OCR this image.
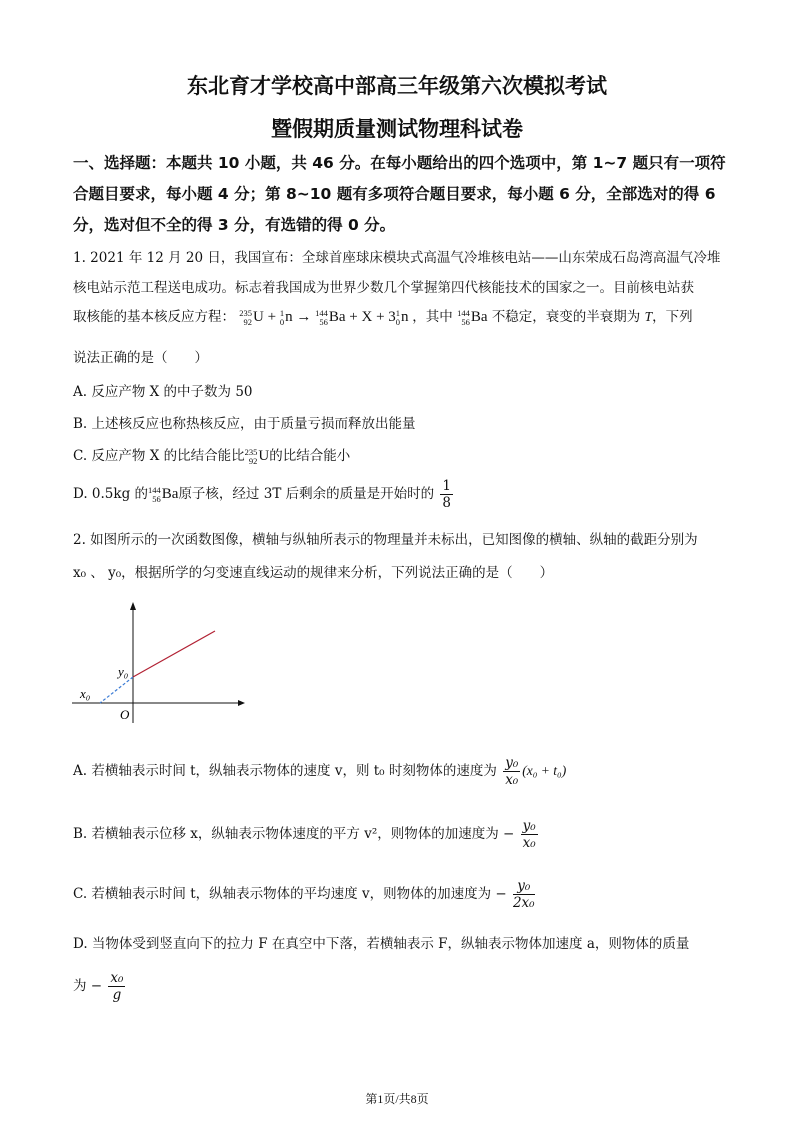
东北育才学校高中部高三年级第六次模拟考试
暨假期质量测试物理科试卷
一、选择题：本题共 10 小题，共 46 分。在每小题给出的四个选项中，第 1~7 题只有一项符合题目要求，每小题 4 分；第 8~10 题有多项符合题目要求，每小题 6 分，全部选对的得 6 分，选对但不全的得 3 分，有选错的得 0 分。
1. 2021 年 12 月 20 日，我国宣布：全球首座球床模块式高温气冷堆核电站——山东荣成石岛湾高温气冷堆
核电站示范工程送电成功。标志着我国成为世界少数几个掌握第四代核能技术的国家之一。目前核电站获
取核能的基本核反应方程： 235
92 U + 1
0 n → 144
56 Ba + X + 3 1
0 n ，其中 144
56 Ba 不稳定，衰变的半衰期为 T，下列
说法正确的是（　　）
A. 反应产物 X 的中子数为 50
B. 上述核反应也称热核反应，由于质量亏损而释放出能量
C. 反应产物 X 的比结合能比 235
92 U的比结合能小
D. 0.5kg 的 144
56 Ba原子核，经过 3T 后剩余的质量是开始时的 $\frac{1}{8}$
2. 如图所示的一次函数图像，横轴与纵轴所表示的物理量并未标出，已知图像的横轴、纵轴的截距分别为
x₀ 、 y₀，根据所学的匀变速直线运动的规律来分析，下列说法正确的是（　　）
y₀
x₀
O
A. 若横轴表示时间 t，纵轴表示物体的速度 v，则 t₀ 时刻物体的速度为 $\frac{\text{y₀}}{\text{x₀}} (x_0 + t_0)$
B. 若横轴表示位移 x，纵轴表示物体速度的平方 v²，则物体的加速度为 − $\frac{\text{y₀}}{\text{x₀}}$
C. 若横轴表示时间 t，纵轴表示物体的平均速度 v，则物体的加速度为 − $\frac{\text{y₀}}{\text{2x₀}}$
D. 当物体受到竖直向下的拉力 F 在真空中下落，若横轴表示 F，纵轴表示物体加速度 a，则物体的质量
为 − $\frac{\text{x₀}}{g}$
第1页/共8页
